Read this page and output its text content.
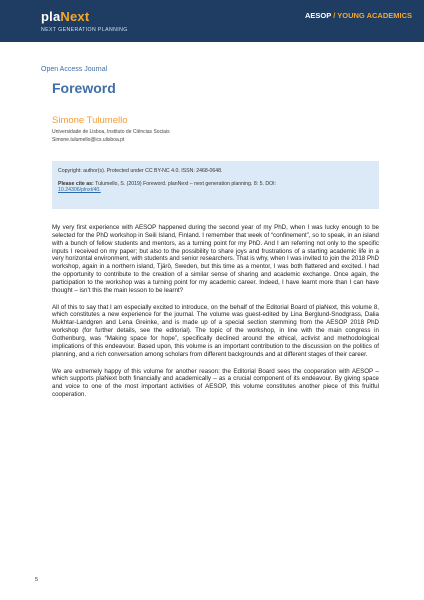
plaNext
NEXT GENERATION PLANNING
AESOP / YOUNG ACADEMICS
Open Access Journal
Foreword
Simone Tulumello
Universidade de Lisboa, Instituto de Ciências Sociais
Simone.tulumello@ics.ulisboa.pt
Copyright: author(s). Protected under CC BY-NC 4.0. ISSN: 2468-0648.
Please cite as: Tulumello, S. (2019) Foreword. planNext – next generation planning. 8: 5. DOI:
10.24306/plnxt/40.

My very first experience with AESOP happened during the second year of my PhD, when I was lucky enough to be selected for the PhD workshop in Seili Island, Finland. I remember that week of “confinement”, so to speak, in an island with a bunch of fellow students and mentors, as a turning point for my PhD. And I am referring not only to the specific inputs I received on my paper; but also to the possibility to share joys and frustrations of a starting academic life in a very horizontal environment, with students and senior researchers. That is why, when I was invited to join the 2018 PhD workshop, again in a northern island, Tjärö, Sweden, but this time as a mentor, I was both flattered and excited. I had the opportunity to contribute to the creation of a similar sense of sharing and academic exchange. Once again, the participation to the workshop was a turning point for my academic career. Indeed, I have learnt more than I can have thought – isn’t this the main lesson to be learnt?

All of this to say that I am especially excited to introduce, on the behalf of the Editorial Board of plaNext, this volume 8, which constitutes a new experience for the journal. The volume was guest-edited by Lina Berglund-Snodgrass, Dalia Mukhtar-Landgren and Lena Greinke, and is made up of a special section stemming from the AESOP 2018 PhD workshop (for further details, see the editorial). The topic of the workshop, in line with the main congress in Gothenburg, was “Making space for hope”, specifically declined around the ethical, activist and methodological implications of this endeavour. Based upon, this volume is an important contribution to the discussion on the politics of planning, and a rich conversation among scholars from different backgrounds and at different stages of their career.

We are extremely happy of this volume for another reason: the Editorial Board sees the cooperation with AESOP – which supports plaNext both financially and academically – as a crucial component of its endeavour. By giving space and voice to one of the most important activities of AESOP, this volume constitutes another piece of this fruitful cooperation.

5
